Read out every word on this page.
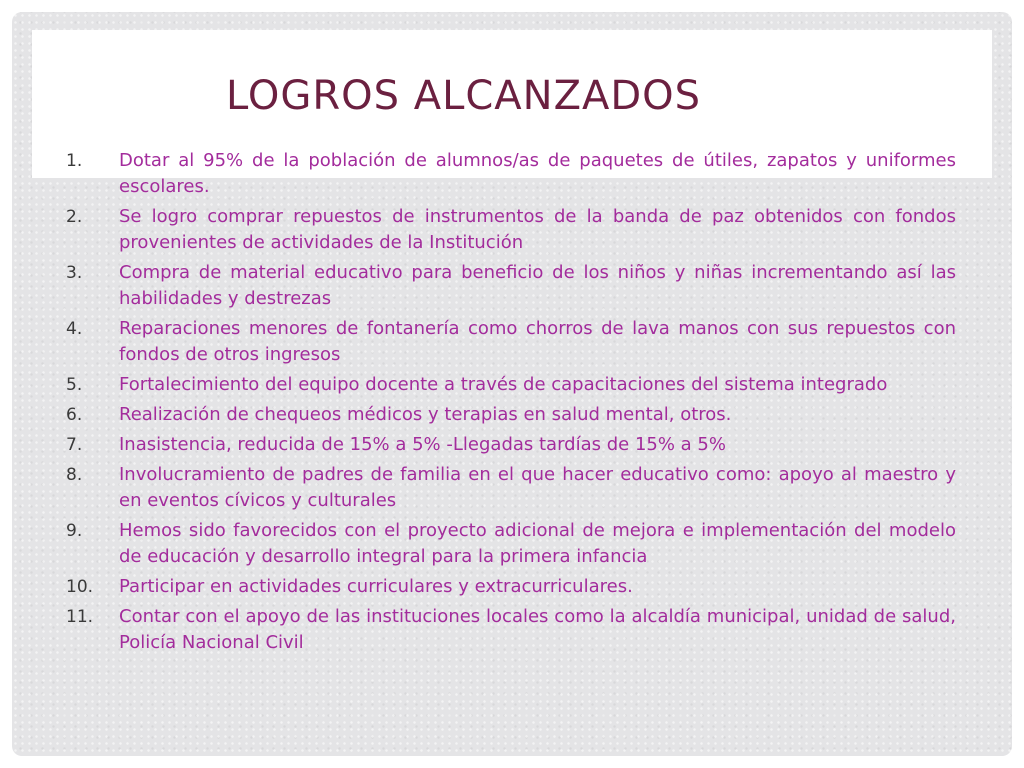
LOGROS ALCANZADOS
1.	Dotar al 95% de la población de alumnos/as de paquetes de útiles, zapatos y uniformes escolares.
2.	Se logro comprar repuestos de instrumentos de la banda de paz obtenidos con fondos provenientes de actividades de la Institución
3.	Compra de material educativo para beneficio de los niños y niñas incrementando así las habilidades y destrezas
4.	Reparaciones menores de fontanería como chorros de lava manos con sus repuestos con fondos de otros ingresos
5.	Fortalecimiento del equipo docente a través de capacitaciones del sistema integrado
6.	Realización de chequeos médicos y terapias en salud mental, otros.
7.	Inasistencia, reducida de 15% a 5% -Llegadas tardías de 15% a 5%
8.	Involucramiento de padres de familia en el que hacer educativo como: apoyo al maestro y en eventos cívicos y culturales
9.	Hemos sido favorecidos con el proyecto adicional de mejora e implementación del modelo de educación y desarrollo integral para la primera infancia
10.	Participar en actividades curriculares y extracurriculares.
11.	Contar con el apoyo de las instituciones locales como la alcaldía municipal, unidad de salud, Policía Nacional Civil
